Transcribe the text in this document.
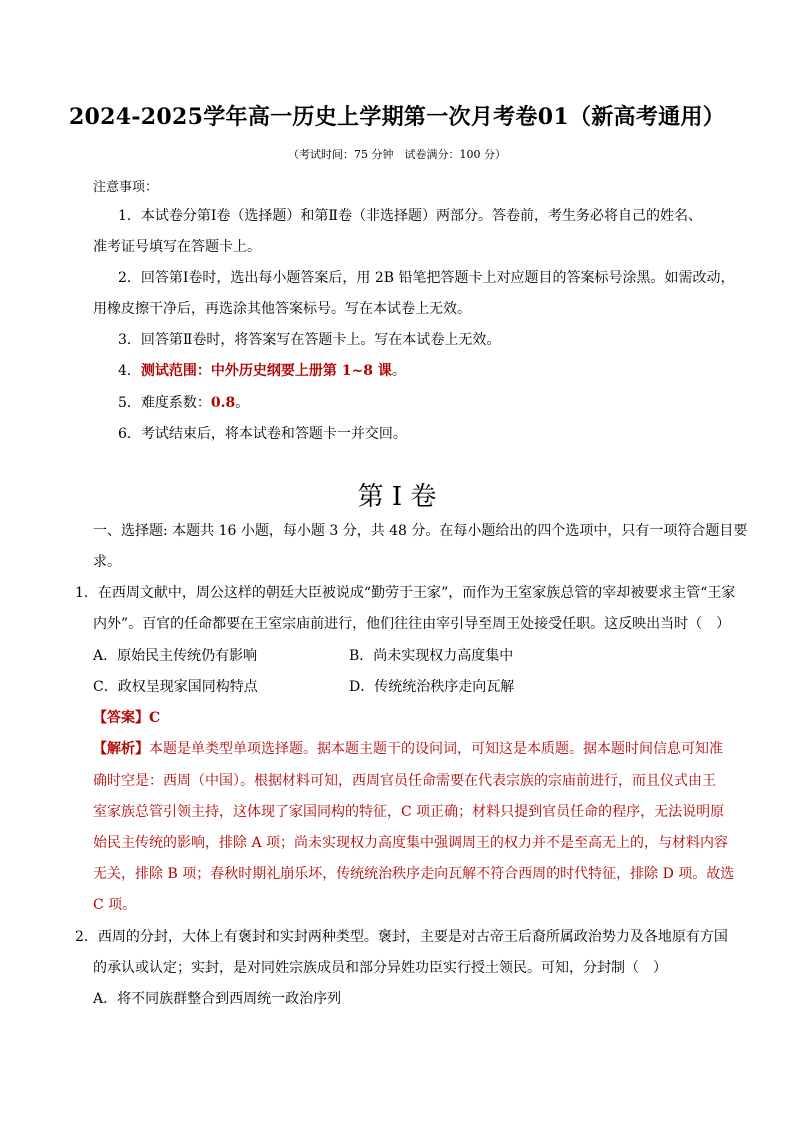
2024-2025学年高一历史上学期第一次月考卷01（新高考通用）
（考试时间：75 分钟　试卷满分：100 分）
注意事项：
1．本试卷分第Ⅰ卷（选择题）和第Ⅱ卷（非选择题）两部分。答卷前，考生务必将自己的姓名、
准考证号填写在答题卡上。
2．回答第Ⅰ卷时，选出每小题答案后，用 2B 铅笔把答题卡上对应题目的答案标号涂黑。如需改动，
用橡皮擦干净后，再选涂其他答案标号。写在本试卷上无效。
3．回答第Ⅱ卷时，将答案写在答题卡上。写在本试卷上无效。
4．测试范围：中外历史纲要上册第 1~8 课。
5．难度系数：0.8。
6．考试结束后，将本试卷和答题卡一并交回。
第 Ⅰ 卷
一、选择题: 本题共 16 小题，每小题 3 分，共 48 分。在每小题给出的四个选项中，只有一项符合题目要
求。
1．在西周文献中，周公这样的朝廷大臣被说成“勤劳于王家”，而作为王室家族总管的宰却被要求主管“王家
内外”。百官的任命都要在王室宗庙前进行，他们往往由宰引导至周王处接受任职。这反映出当时（　）
A．原始民主传统仍有影响	B．尚未实现权力高度集中
C．政权呈现家国同构特点	D．传统统治秩序走向瓦解
【答案】C
【解析】本题是单类型单项选择题。据本题主题干的设问词，可知这是本质题。据本题时间信息可知准
确时空是：西周（中国）。根据材料可知，西周官员任命需要在代表宗族的宗庙前进行，而且仪式由王
室家族总管引领主持，这体现了家国同构的特征，C 项正确；材料只提到官员任命的程序，无法说明原
始民主传统的影响，排除 A 项；尚未实现权力高度集中强调周王的权力并不是至高无上的，与材料内容
无关，排除 B 项；春秋时期礼崩乐坏，传统统治秩序走向瓦解不符合西周的时代特征，排除 D 项。故选
C 项。
2．西周的分封，大体上有褒封和实封两种类型。褒封，主要是对古帝王后裔所属政治势力及各地原有方国
的承认或认定；实封，是对同姓宗族成员和部分异姓功臣实行授土领民。可知，分封制（　）
A．将不同族群整合到西周统一政治序列
